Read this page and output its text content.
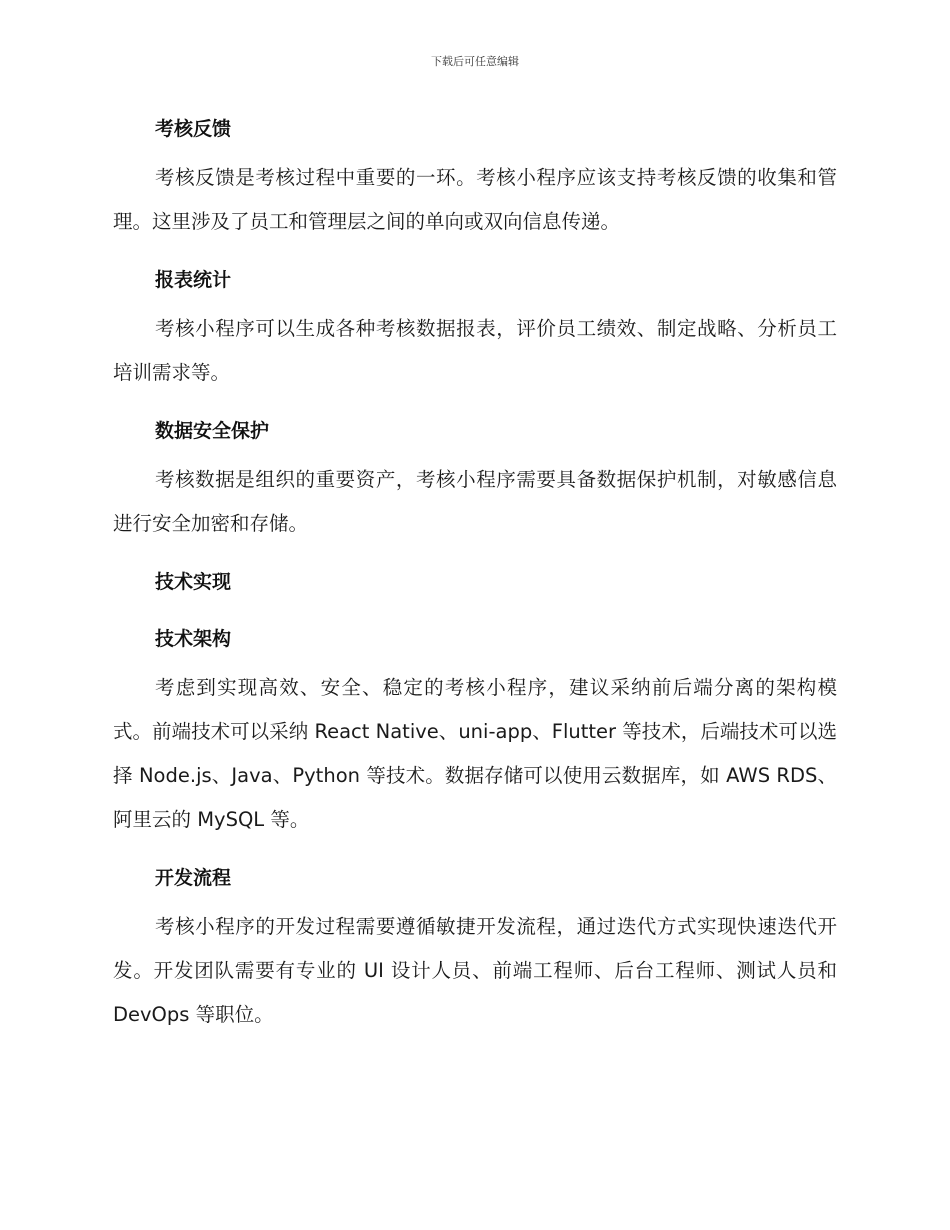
下载后可任意编辑
考核反馈

考核反馈是考核过程中重要的一环。考核小程序应该支持考核反馈的收集和管理。这里涉及了员工和管理层之间的单向或双向信息传递。

报表统计

考核小程序可以生成各种考核数据报表，评价员工绩效、制定战略、分析员工培训需求等。

数据安全保护

考核数据是组织的重要资产，考核小程序需要具备数据保护机制，对敏感信息进行安全加密和存储。

技术实现
技术架构

考虑到实现高效、安全、稳定的考核小程序，建议采纳前后端分离的架构模式。前端技术可以采纳 React Native、uni-app、Flutter 等技术，后端技术可以选择 Node.js、Java、Python 等技术。数据存储可以使用云数据库，如 AWS RDS、阿里云的 MySQL 等。

开发流程

考核小程序的开发过程需要遵循敏捷开发流程，通过迭代方式实现快速迭代开发。开发团队需要有专业的 UI 设计人员、前端工程师、后台工程师、测试人员和 DevOps 等职位。
